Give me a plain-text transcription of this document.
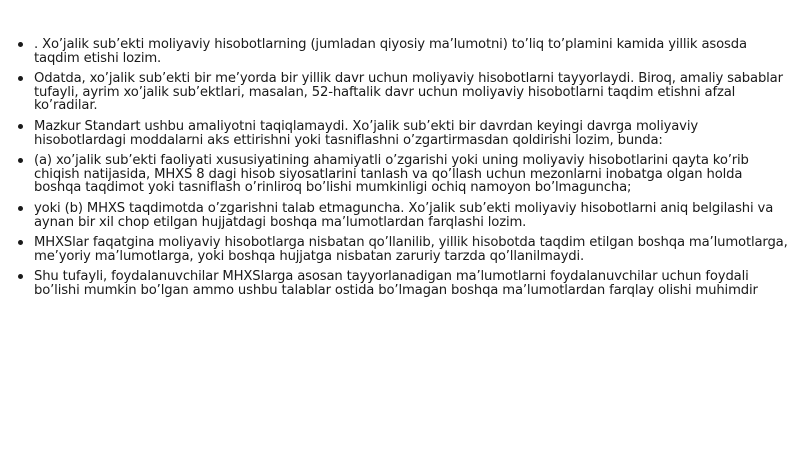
. Xo’jalik sub’ekti moliyaviy hisobotlarning (jumladan qiyosiy ma’lumotni) to’liq to’plamini kamida yillik asosda taqdim etishi lozim.
Odatda, xo’jalik sub’ekti bir me’yorda bir yillik davr uchun moliyaviy hisobotlarni tayyorlaydi. Biroq, amaliy sabablar tufayli, ayrim xo’jalik sub’ektlari, masalan, 52-haftalik davr uchun moliyaviy hisobotlarni taqdim etishni afzal ko’radilar.
Mazkur Standart ushbu amaliyotni taqiqlamaydi. Xo’jalik sub’ekti bir davrdan keyingi davrga moliyaviy hisobotlardagi moddalarni aks ettirishni yoki tasniflashni o’zgartirmasdan qoldirishi lozim, bunda:
(a) xo’jalik sub’ekti faoliyati xususiyatining ahamiyatli o’zgarishi yoki uning moliyaviy hisobotlarini qayta ko’rib chiqish natijasida, MHXS 8 dagi hisob siyosatlarini tanlash va qo’llash uchun mezonlarni inobatga olgan holda boshqa taqdimot yoki tasniflash o’rinliroq bo’lishi mumkinligi ochiq namoyon bo’lmaguncha;
yoki (b) MHXS taqdimotda o’zgarishni talab etmaguncha. Xo’jalik sub’ekti moliyaviy hisobotlarni aniq belgilashi va aynan bir xil chop etilgan hujjatdagi boshqa ma’lumotlardan farqlashi lozim.
MHXSlar faqatgina moliyaviy hisobotlarga nisbatan qo’llanilib, yillik hisobotda taqdim etilgan boshqa ma’lumotlarga, me’yoriy ma’lumotlarga, yoki boshqa hujjatga nisbatan zaruriy tarzda qo’llanilmaydi.
Shu tufayli, foydalanuvchilar MHXSlarga asosan tayyorlanadigan ma’lumotlarni foydalanuvchilar uchun foydali bo’lishi mumkin bo’lgan ammo ushbu talablar ostida bo’lmagan boshqa ma’lumotlardan farqlay olishi muhimdir
